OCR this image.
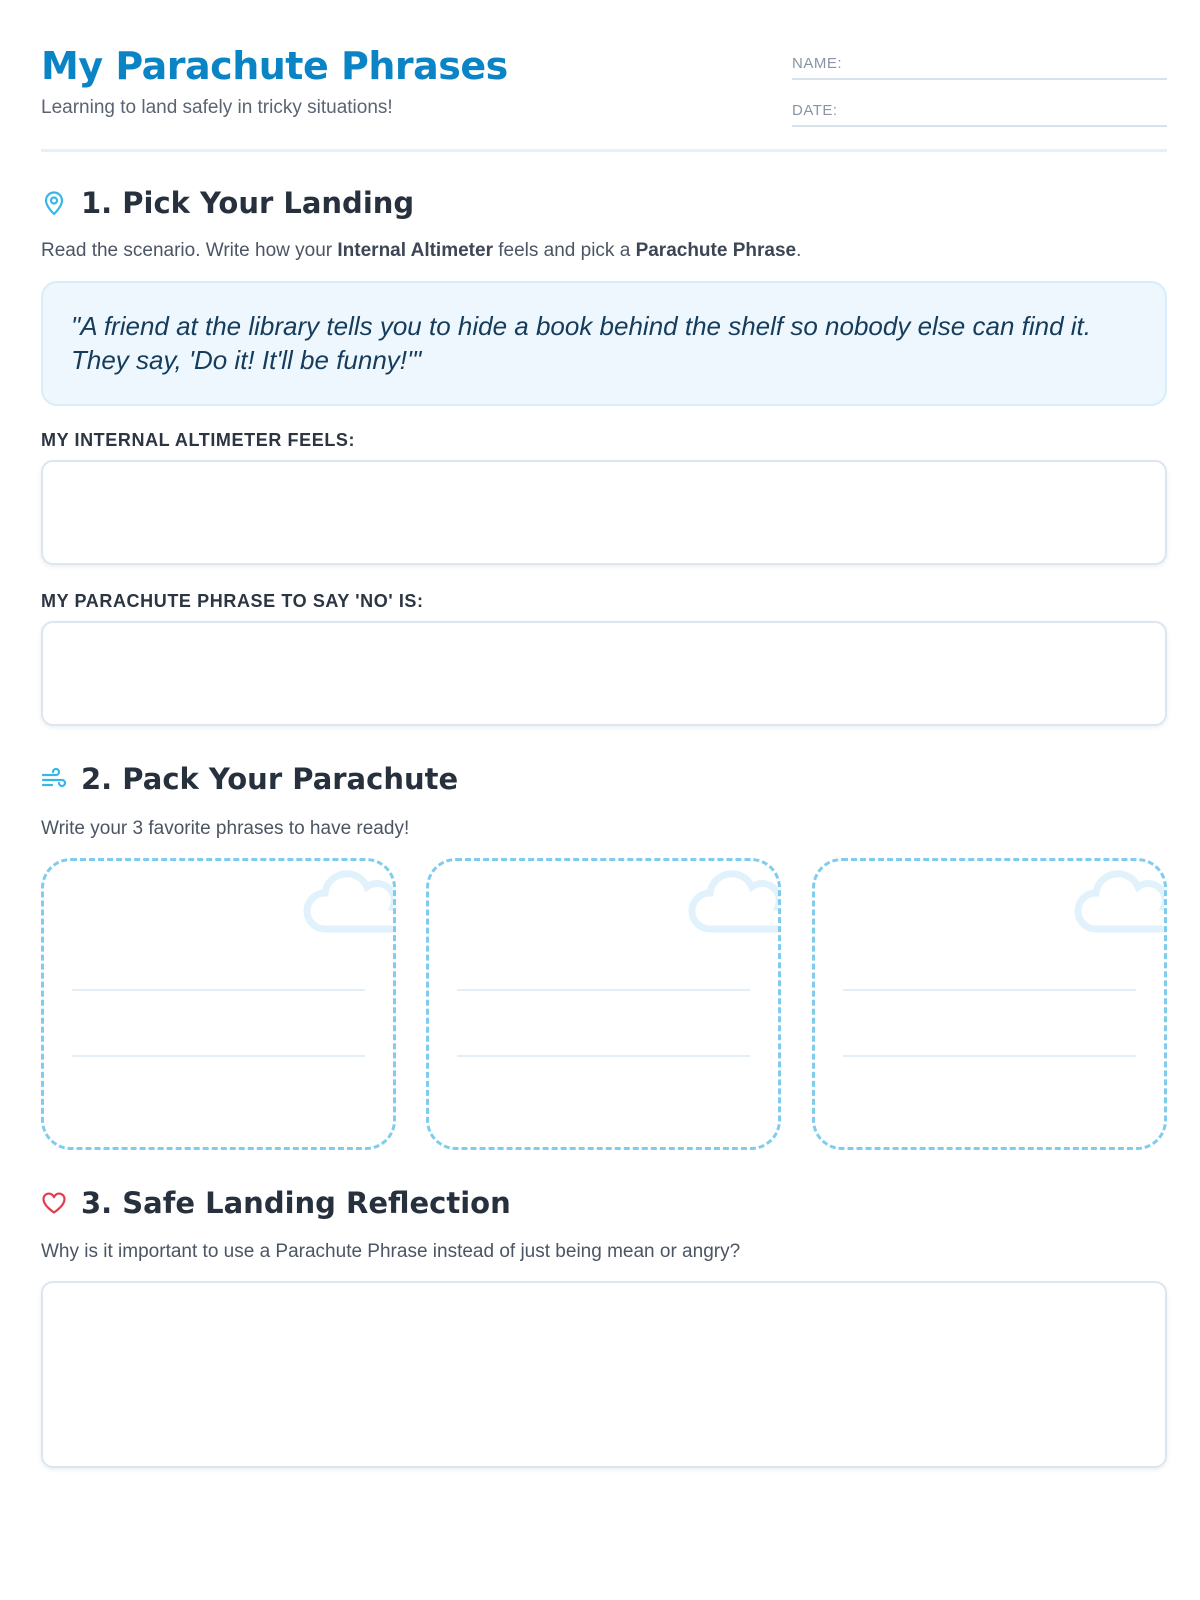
My Parachute Phrases
Learning to land safely in tricky situations!
NAME:
DATE:
1. Pick Your Landing
Read the scenario. Write how your Internal Altimeter feels and pick a Parachute Phrase.

"A friend at the library tells you to hide a book behind the shelf so nobody else can find it. They say, 'Do it! It'll be funny!'"

MY INTERNAL ALTIMETER FEELS:
MY PARACHUTE PHRASE TO SAY 'NO' IS:
2. Pack Your Parachute
Write your 3 favorite phrases to have ready!
3. Safe Landing Reflection
Why is it important to use a Parachute Phrase instead of just being mean or angry?
